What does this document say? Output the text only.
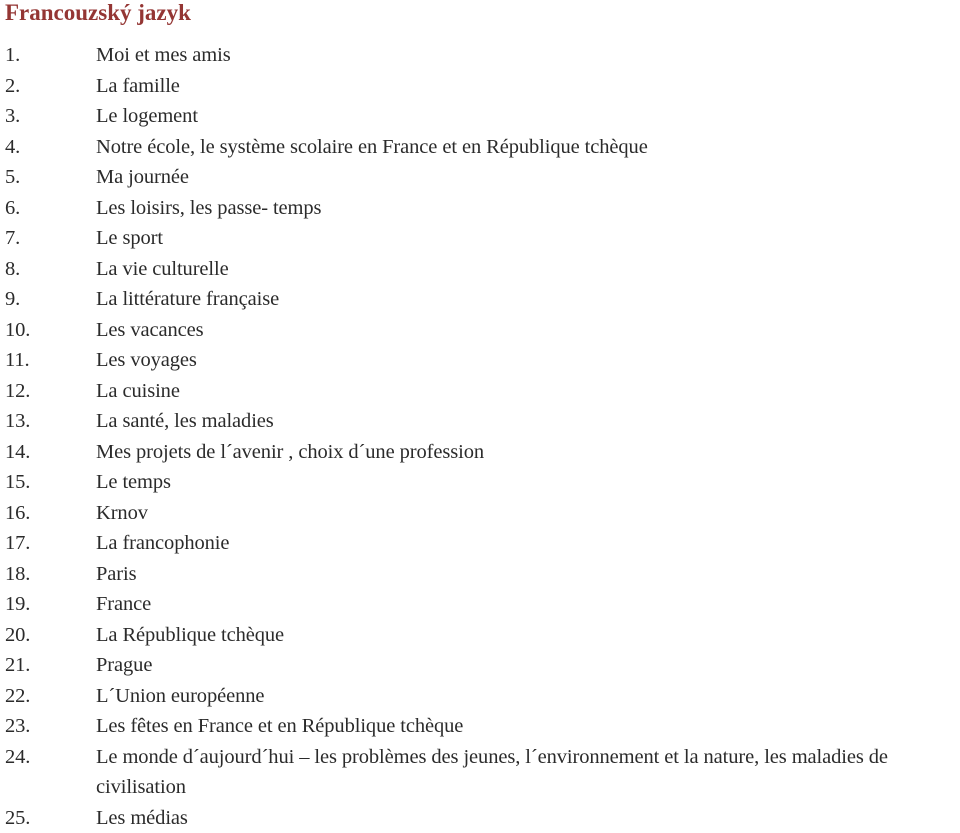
Francouzský jazyk
1.	Moi et mes amis
2.	La famille
3.	Le logement
4.	Notre école, le système scolaire en France et en République tchèque
5.	Ma journée
6.	Les loisirs, les passe- temps
7.	Le sport
8.	La vie culturelle
9.	La littérature française
10.	Les vacances
11.	Les voyages
12.	La cuisine
13.	La santé, les maladies
14.	Mes projets de l´avenir , choix d´une profession
15.	Le temps
16.	Krnov
17.	La francophonie
18.	Paris
19.	France
20.	La République tchèque
21.	Prague
22.	L´Union européenne
23.	Les fêtes en France et en République tchèque
24.	Le monde d´aujourd´hui – les problèmes des jeunes, l´environnement et la nature, les maladies de civilisation
25.	Les médias
